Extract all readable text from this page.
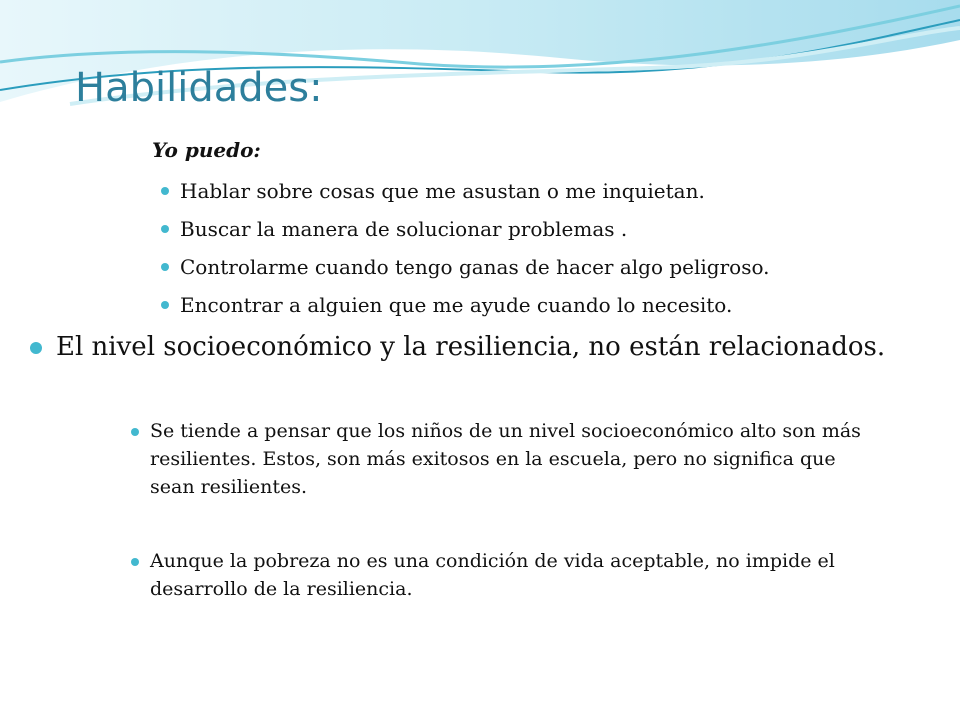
Habilidades:

Yo puedo:

Hablar sobre cosas que me asustan o me inquietan.
Buscar la manera de solucionar problemas .
Controlarme cuando tengo ganas de hacer algo peligroso.
Encontrar a alguien que me ayude cuando lo necesito.

El nivel socioeconómico y la resiliencia, no están relacionados.

Se tiende a pensar que los niños de un nivel socioeconómico alto son más resilientes. Estos, son más exitosos en la escuela, pero no significa que sean resilientes.
Aunque la pobreza no es una condición de vida aceptable, no impide el desarrollo de la resiliencia.
